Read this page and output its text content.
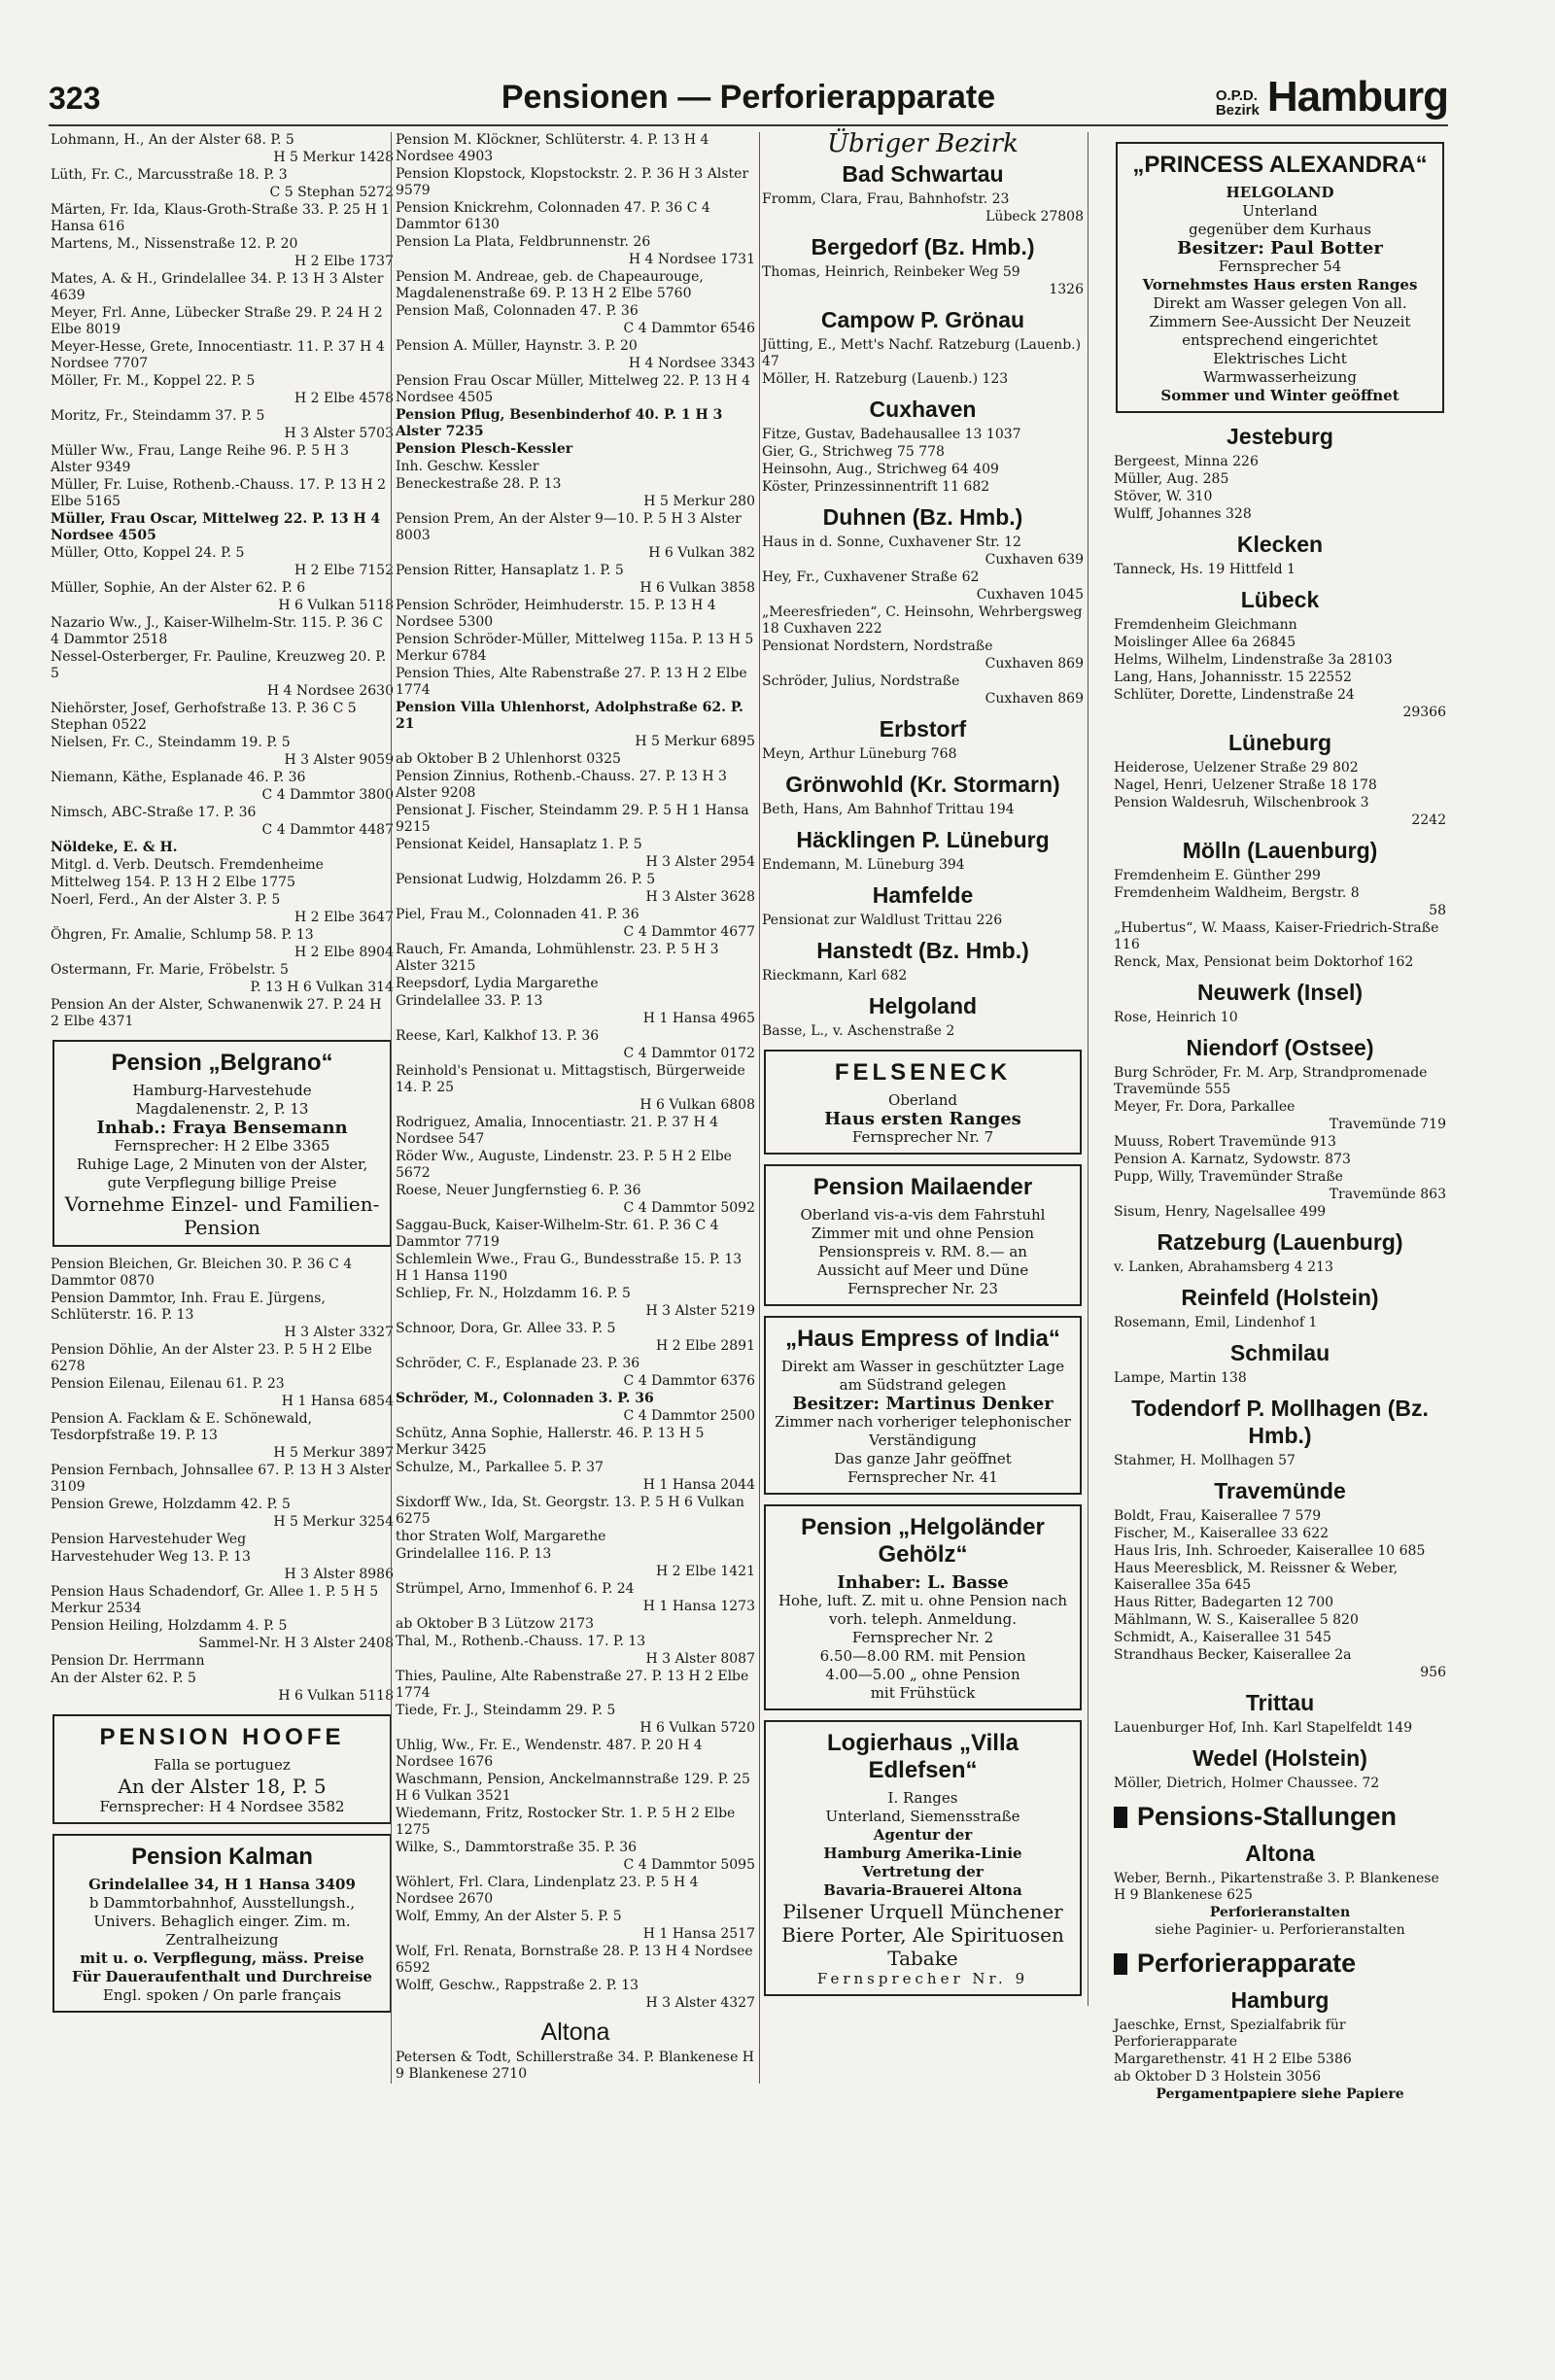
323	Pensionen — Perforierapparate	O.P.D.
Bezirk Hamburg
Lohmann, H., An der Alster 68. P. 5
H 5 Merkur 1428
Lüth, Fr. C., Marcusstraße 18. P. 3
C 5 Stephan 5272
Märten, Fr. Ida, Klaus-Groth-Straße 33. P. 25 H 1 Hansa 616
Martens, M., Nissenstraße 12. P. 20
H 2 Elbe 1737
Mates, A. & H., Grindelallee 34. P. 13 H 3 Alster 4639
Meyer, Frl. Anne, Lübecker Straße 29. P. 24 H 2 Elbe 8019
Meyer-Hesse, Grete, Innocentiastr. 11. P. 37 H 4 Nordsee 7707
Möller, Fr. M., Koppel 22. P. 5
H 2 Elbe 4578
Moritz, Fr., Steindamm 37. P. 5
H 3 Alster 5703
Müller Ww., Frau, Lange Reihe 96. P. 5 H 3 Alster 9349
Müller, Fr. Luise, Rothenb.-Chauss. 17. P. 13 H 2 Elbe 5165
Müller, Frau Oscar, Mittelweg 22. P. 13 H 4 Nordsee 4505
Müller, Otto, Koppel 24. P. 5
H 2 Elbe 7152
Müller, Sophie, An der Alster 62. P. 6
H 6 Vulkan 5118
Nazario Ww., J., Kaiser-Wilhelm-Str. 115. P. 36 C 4 Dammtor 2518
Nessel-Osterberger, Fr. Pauline, Kreuzweg 20. P. 5
H 4 Nordsee 2630
Niehörster, Josef, Gerhofstraße 13. P. 36 C 5 Stephan 0522
Nielsen, Fr. C., Steindamm 19. P. 5
H 3 Alster 9059
Niemann, Käthe, Esplanade 46. P. 36
C 4 Dammtor 3800
Nimsch, ABC-Straße 17. P. 36
C 4 Dammtor 4487
Nöldeke, E. & H.
Mitgl. d. Verb. Deutsch. Fremdenheime
Mittelweg 154. P. 13 H 2 Elbe 1775
Noerl, Ferd., An der Alster 3. P. 5
H 2 Elbe 3647
Öhgren, Fr. Amalie, Schlump 58. P. 13
H 2 Elbe 8904
Ostermann, Fr. Marie, Fröbelstr. 5
P. 13 H 6 Vulkan 314
Pension An der Alster, Schwanenwik 27. P. 24 H 2 Elbe 4371
Pension „Belgrano“
Hamburg-Harvestehude
Magdalenenstr. 2, P. 13
Inhab.: Fraya Bensemann
Fernsprecher: H 2 Elbe 3365
Ruhige Lage, 2 Minuten von der Alster, gute Verpflegung billige Preise
Vornehme Einzel- und Familien-Pension
Pension Bleichen, Gr. Bleichen 30. P. 36 C 4 Dammtor 0870
Pension Dammtor, Inh. Frau E. Jürgens, Schlüterstr. 16. P. 13
H 3 Alster 3327
Pension Döhlie, An der Alster 23. P. 5 H 2 Elbe 6278
Pension Eilenau, Eilenau 61. P. 23
H 1 Hansa 6854
Pension A. Facklam & E. Schönewald, Tesdorpfstraße 19. P. 13
H 5 Merkur 3897
Pension Fernbach, Johnsallee 67. P. 13 H 3 Alster 3109
Pension Grewe, Holzdamm 42. P. 5
H 5 Merkur 3254
Pension Harvestehuder Weg
Harvestehuder Weg 13. P. 13
H 3 Alster 8986
Pension Haus Schadendorf, Gr. Allee 1. P. 5 H 5 Merkur 2534
Pension Heiling, Holzdamm 4. P. 5
Sammel-Nr. H 3 Alster 2408
Pension Dr. Herrmann
An der Alster 62. P. 5
H 6 Vulkan 5118
PENSION HOOFE
Falla se portuguez
An der Alster 18, P. 5
Fernsprecher: H 4 Nordsee 3582
Pension Kalman
Grindelallee 34, H 1 Hansa 3409
b Dammtorbahnhof, Ausstellungsh., Univers. Behaglich einger. Zim. m. Zentralheizung
mit u. o. Verpflegung, mäss. Preise
Für Daueraufenthalt und Durchreise
Engl. spoken / On parle français
Pension M. Klöckner, Schlüterstr. 4. P. 13 H 4 Nordsee 4903
Pension Klopstock, Klopstockstr. 2. P. 36 H 3 Alster 9579
Pension Knickrehm, Colonnaden 47. P. 36 C 4 Dammtor 6130
Pension La Plata, Feldbrunnenstr. 26
H 4 Nordsee 1731
Pension M. Andreae, geb. de Chapeaurouge, Magdalenenstraße 69. P. 13 H 2 Elbe 5760
Pension Maß, Colonnaden 47. P. 36
C 4 Dammtor 6546
Pension A. Müller, Haynstr. 3. P. 20
H 4 Nordsee 3343
Pension Frau Oscar Müller, Mittelweg 22. P. 13 H 4 Nordsee 4505
Pension Pflug, Besenbinderhof 40. P. 1 H 3 Alster 7235
Pension Plesch-Kessler
Inh. Geschw. Kessler
Beneckestraße 28. P. 13
H 5 Merkur 280
Pension Prem, An der Alster 9—10. P. 5 H 3 Alster 8003
H 6 Vulkan 382
Pension Ritter, Hansaplatz 1. P. 5
H 6 Vulkan 3858
Pension Schröder, Heimhuderstr. 15. P. 13 H 4 Nordsee 5300
Pension Schröder-Müller, Mittelweg 115a. P. 13 H 5 Merkur 6784
Pension Thies, Alte Rabenstraße 27. P. 13 H 2 Elbe 1774
Pension Villa Uhlenhorst, Adolphstraße 62. P. 21
H 5 Merkur 6895
ab Oktober B 2 Uhlenhorst 0325
Pension Zinnius, Rothenb.-Chauss. 27. P. 13 H 3 Alster 9208
Pensionat J. Fischer, Steindamm 29. P. 5 H 1 Hansa 9215
Pensionat Keidel, Hansaplatz 1. P. 5
H 3 Alster 2954
Pensionat Ludwig, Holzdamm 26. P. 5
H 3 Alster 3628
Piel, Frau M., Colonnaden 41. P. 36
C 4 Dammtor 4677
Rauch, Fr. Amanda, Lohmühlenstr. 23. P. 5 H 3 Alster 3215
Reepsdorf, Lydia Margarethe
Grindelallee 33. P. 13
H 1 Hansa 4965
Reese, Karl, Kalkhof 13. P. 36
C 4 Dammtor 0172
Reinhold's Pensionat u. Mittagstisch, Bürgerweide 14. P. 25
H 6 Vulkan 6808
Rodriguez, Amalia, Innocentiastr. 21. P. 37 H 4 Nordsee 547
Röder Ww., Auguste, Lindenstr. 23. P. 5 H 2 Elbe 5672
Roese, Neuer Jungfernstieg 6. P. 36
C 4 Dammtor 5092
Saggau-Buck, Kaiser-Wilhelm-Str. 61. P. 36 C 4 Dammtor 7719
Schlemlein Wwe., Frau G., Bundesstraße 15. P. 13 H 1 Hansa 1190
Schliep, Fr. N., Holzdamm 16. P. 5
H 3 Alster 5219
Schnoor, Dora, Gr. Allee 33. P. 5
H 2 Elbe 2891
Schröder, C. F., Esplanade 23. P. 36
C 4 Dammtor 6376
Schröder, M., Colonnaden 3. P. 36
C 4 Dammtor 2500
Schütz, Anna Sophie, Hallerstr. 46. P. 13 H 5 Merkur 3425
Schulze, M., Parkallee 5. P. 37
H 1 Hansa 2044
Sixdorff Ww., Ida, St. Georgstr. 13. P. 5 H 6 Vulkan 6275
thor Straten Wolf, Margarethe
Grindelallee 116. P. 13
H 2 Elbe 1421
Strümpel, Arno, Immenhof 6. P. 24
H 1 Hansa 1273
ab Oktober B 3 Lützow 2173
Thal, M., Rothenb.-Chauss. 17. P. 13
H 3 Alster 8087
Thies, Pauline, Alte Rabenstraße 27. P. 13 H 2 Elbe 1774
Tiede, Fr. J., Steindamm 29. P. 5
H 6 Vulkan 5720
Uhlig, Ww., Fr. E., Wendenstr. 487. P. 20 H 4 Nordsee 1676
Waschmann, Pension, Anckelmannstraße 129. P. 25 H 6 Vulkan 3521
Wiedemann, Fritz, Rostocker Str. 1. P. 5 H 2 Elbe 1275
Wilke, S., Dammtorstraße 35. P. 36
C 4 Dammtor 5095
Wöhlert, Frl. Clara, Lindenplatz 23. P. 5 H 4 Nordsee 2670
Wolf, Emmy, An der Alster 5. P. 5
H 1 Hansa 2517
Wolf, Frl. Renata, Bornstraße 28. P. 13 H 4 Nordsee 6592
Wolff, Geschw., Rappstraße 2. P. 13
H 3 Alster 4327
Altona
Petersen & Todt, Schillerstraße 34. P. Blankenese H 9 Blankenese 2710
Übriger Bezirk
Bad Schwartau
Fromm, Clara, Frau, Bahnhofstr. 23
Lübeck 27808
Bergedorf (Bz. Hmb.)
Thomas, Heinrich, Reinbeker Weg 59
1326
Campow P. Grönau
Jütting, E., Mett's Nachf. Ratzeburg (Lauenb.) 47
Möller, H. Ratzeburg (Lauenb.) 123
Cuxhaven
Fitze, Gustav, Badehausallee 13 1037
Gier, G., Strichweg 75 778
Heinsohn, Aug., Strichweg 64 409
Köster, Prinzessinnentrift 11 682
Duhnen (Bz. Hmb.)
Haus in d. Sonne, Cuxhavener Str. 12
Cuxhaven 639
Hey, Fr., Cuxhavener Straße 62
Cuxhaven 1045
„Meeresfrieden“, C. Heinsohn, Wehrbergsweg 18 Cuxhaven 222
Pensionat Nordstern, Nordstraße
Cuxhaven 869
Schröder, Julius, Nordstraße
Cuxhaven 869
Erbstorf
Meyn, Arthur Lüneburg 768
Grönwohld (Kr. Stormarn)
Beth, Hans, Am Bahnhof Trittau 194
Häcklingen P. Lüneburg
Endemann, M. Lüneburg 394
Hamfelde
Pensionat zur Waldlust Trittau 226
Hanstedt (Bz. Hmb.)
Rieckmann, Karl 682
Helgoland
Basse, L., v. Aschenstraße 2
FELSENECK
Oberland
Haus ersten Ranges
Fernsprecher Nr. 7
Pension Mailaender
Oberland vis-a-vis dem Fahrstuhl
Zimmer mit und ohne Pension
Pensionspreis v. RM. 8.— an
Aussicht auf Meer und Düne
Fernsprecher Nr. 23
„Haus Empress of India“
Direkt am Wasser in geschützter Lage am Südstrand gelegen
Besitzer: Martinus Denker
Zimmer nach vorheriger telephonischer Verständigung
Das ganze Jahr geöffnet
Fernsprecher Nr. 41
Pension „Helgoländer Gehölz“
Inhaber: L. Basse
Hohe, luft. Z. mit u. ohne Pension nach vorh. teleph. Anmeldung.
Fernsprecher Nr. 2
6.50—8.00 RM. mit Pension
4.00—5.00 „ ohne Pension
mit Frühstück
Logierhaus „Villa Edlefsen“
I. Ranges
Unterland, Siemensstraße
Agentur der
Hamburg Amerika-Linie
Vertretung der
Bavaria-Brauerei Altona
Pilsener Urquell Münchener Biere Porter, Ale Spirituosen Tabake
Fernsprecher Nr. 9
„PRINCESS ALEXANDRA“
HELGOLAND
Unterland
gegenüber dem Kurhaus
Besitzer: Paul Botter
Fernsprecher 54
Vornehmstes Haus ersten Ranges
Direkt am Wasser gelegen Von all. Zimmern See-Aussicht Der Neuzeit entsprechend eingerichtet
Elektrisches Licht
Warmwasserheizung
Sommer und Winter geöffnet
Jesteburg
Bergeest, Minna 226
Müller, Aug. 285
Stöver, W. 310
Wulff, Johannes 328
Klecken
Tanneck, Hs. 19 Hittfeld 1
Lübeck
Fremdenheim Gleichmann
Moislinger Allee 6a 26845
Helms, Wilhelm, Lindenstraße 3a 28103
Lang, Hans, Johannisstr. 15 22552
Schlüter, Dorette, Lindenstraße 24
29366
Lüneburg
Heiderose, Uelzener Straße 29 802
Nagel, Henri, Uelzener Straße 18 178
Pension Waldesruh, Wilschenbrook 3
2242
Mölln (Lauenburg)
Fremdenheim E. Günther 299
Fremdenheim Waldheim, Bergstr. 8
58
„Hubertus“, W. Maass, Kaiser-Friedrich-Straße 116
Renck, Max, Pensionat beim Doktorhof 162
Neuwerk (Insel)
Rose, Heinrich 10
Niendorf (Ostsee)
Burg Schröder, Fr. M. Arp, Strandpromenade Travemünde 555
Meyer, Fr. Dora, Parkallee
Travemünde 719
Muuss, Robert Travemünde 913
Pension A. Karnatz, Sydowstr. 873
Pupp, Willy, Travemünder Straße
Travemünde 863
Sisum, Henry, Nagelsallee 499
Ratzeburg (Lauenburg)
v. Lanken, Abrahamsberg 4 213
Reinfeld (Holstein)
Rosemann, Emil, Lindenhof 1
Schmilau
Lampe, Martin 138
Todendorf P. Mollhagen (Bz. Hmb.)
Stahmer, H. Mollhagen 57
Travemünde
Boldt, Frau, Kaiserallee 7 579
Fischer, M., Kaiserallee 33 622
Haus Iris, Inh. Schroeder, Kaiserallee 10 685
Haus Meeresblick, M. Reissner & Weber, Kaiserallee 35a 645
Haus Ritter, Badegarten 12 700
Mählmann, W. S., Kaiserallee 5 820
Schmidt, A., Kaiserallee 31 545
Strandhaus Becker, Kaiserallee 2a
956
Trittau
Lauenburger Hof, Inh. Karl Stapelfeldt 149
Wedel (Holstein)
Möller, Dietrich, Holmer Chaussee. 72
Pensions-Stallungen
Altona
Weber, Bernh., Pikartenstraße 3. P. Blankenese H 9 Blankenese 625
Perforieranstalten
siehe Paginier- u. Perforieranstalten
Perforierapparate
Hamburg
Jaeschke, Ernst, Spezialfabrik für Perforierapparate
Margarethenstr. 41 H 2 Elbe 5386
ab Oktober D 3 Holstein 3056
Pergamentpapiere siehe Papiere
